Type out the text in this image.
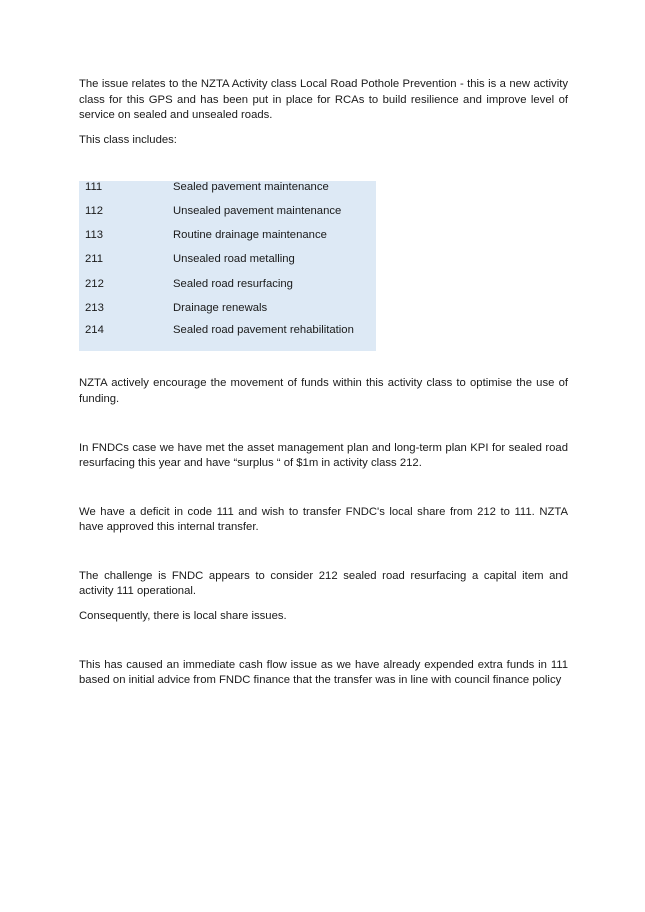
The issue relates to the NZTA Activity class Local Road Pothole Prevention - this is a new activity class for this GPS and has been put in place for RCAs to build resilience and improve level of service on sealed and unsealed roads.

This class includes:

111	Sealed pavement maintenance
112	Unsealed pavement maintenance
113	Routine drainage maintenance
211	Unsealed road metalling
212	Sealed road resurfacing
213	Drainage renewals
214	Sealed road pavement rehabilitation

NZTA actively encourage the movement of funds within this activity class to optimise the use of funding.

In FNDCs case we have met the asset management plan and long-term plan KPI for sealed road resurfacing this year and have “surplus “ of $1m in activity class 212.

We have a deficit in code 111 and wish to transfer FNDC's local share from 212 to 111. NZTA have approved this internal transfer.

The challenge is FNDC appears to consider 212 sealed road resurfacing a capital item and activity 111 operational.

Consequently, there is local share issues.

This has caused an immediate cash flow issue as we have already expended extra funds in 111 based on initial advice from FNDC finance that the transfer was in line with council finance policy
